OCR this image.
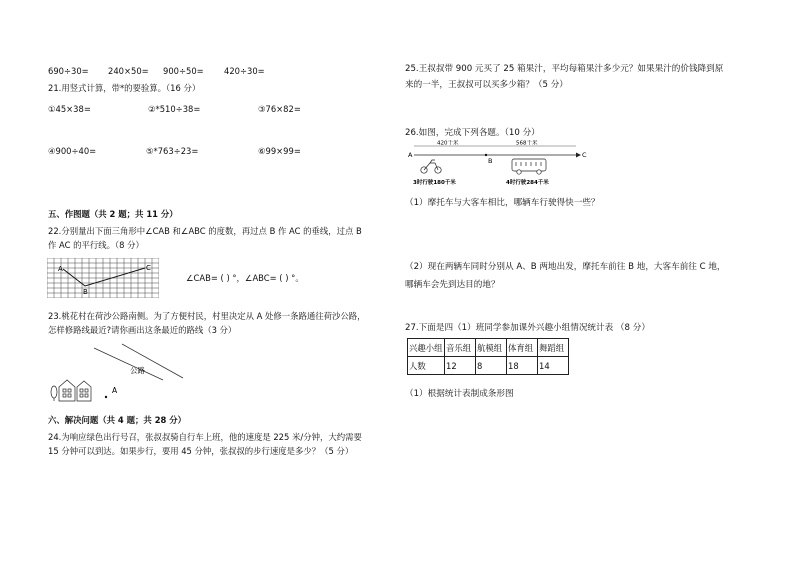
690÷30= 240×50= 900÷50= 420÷30=
21.用竖式计算，带*的要验算。（16 分）
①45×38=	②*510÷38=	③76×82=
④900÷40=	⑤*763÷23=	⑥99×99=
五、作图题（共 2 题；共 11 分）
22.分别量出下面三角形中∠CAB 和∠ABC 的度数，再过点 B 作 AC 的垂线，过点 B
作 AC 的平行线。（8 分）
A
B
C
∠CAB= ( ) °，∠ABC= ( ) °。
23.桃花村在荷沙公路南侧。为了方便村民，村里决定从 A 处修一条路通往荷沙公路，
怎样修路线最近?请你画出这条最近的路线（3 分）
公路
A
六、解决问题（共 4 题；共 28 分）
24.为响应绿色出行号召，张叔叔骑自行车上班，他的速度是 225 米/分钟，大约需要
15 分钟可以到达。如果步行，要用 45 分钟，张叔叔的步行速度是多少？（5 分）
25.王叔叔带 900 元买了 25 箱果汁，平均每箱果汁多少元？如果果汁的价钱降到原
来的一半，王叔叔可以买多少箱？（5 分）
26.如图，完成下列各题。（10 分）
A
B
C
420千米	568千米
3时行驶180千米	4时行驶284千米
（1）摩托车与大客车相比，哪辆车行驶得快一些？
（2）现在两辆车同时分别从 A、B 两地出发，摩托车前往 B 地，大客车前往 C 地，
哪辆车会先到达目的地？
27.下面是四（1）班同学参加课外兴趣小组情况统计表 （8 分）
兴趣小组	音乐组	航模组	体育组	舞蹈组
人数	12	8	18	14
（1）根据统计表制成条形图
